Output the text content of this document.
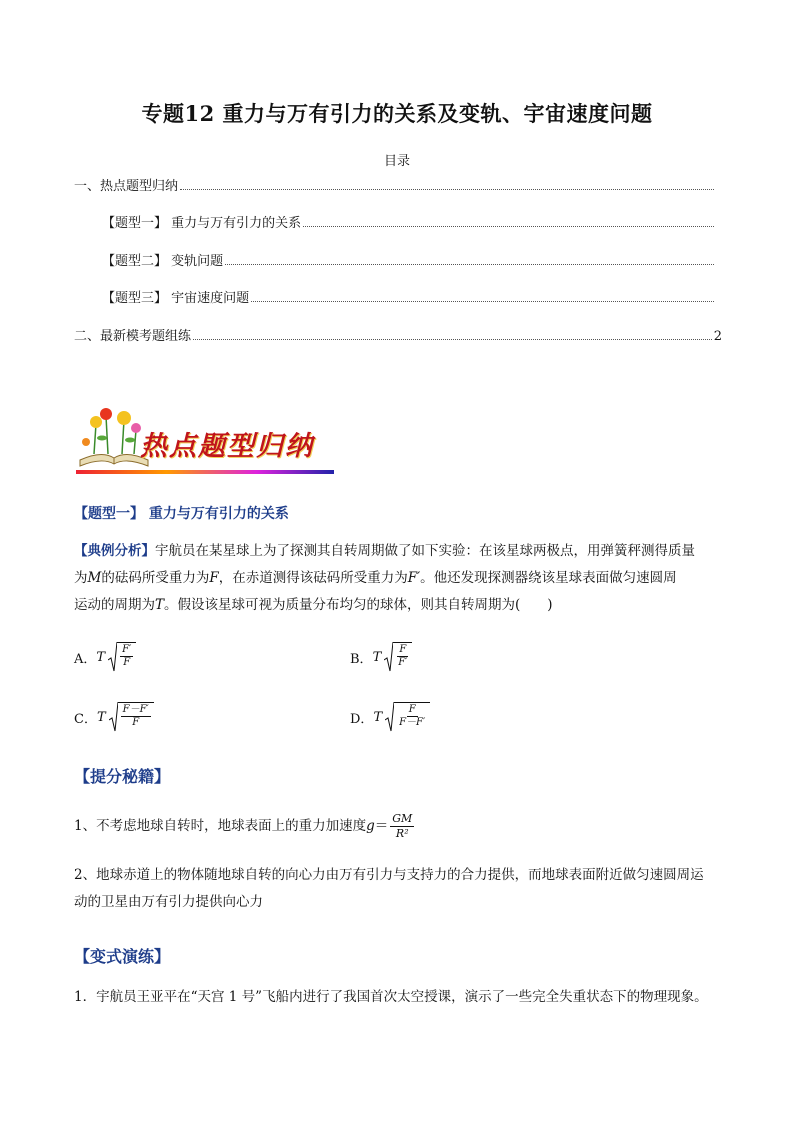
专题12 重力与万有引力的关系及变轨、宇宙速度问题
目录
一、热点题型归纳
【题型一】 重力与万有引力的关系
【题型二】 变轨问题
【题型三】 宇宙速度问题
二、最新模考题组练	2
热点题型归纳
【题型一】 重力与万有引力的关系
【典例分析】宇航员在某星球上为了探测其自转周期做了如下实验：在该星球两极点，用弹簧秤测得质量
为M的砝码所受重力为F，在赤道测得该砝码所受重力为F′。他还发现探测器绕该星球表面做匀速圆周
运动的周期为T。假设该星球可视为质量分布均匀的球体，则其自转周期为(　　)
A． T $\frac{F'}{F}$	B． T $\frac{F}{F'}$
C． T $\frac{F-F'}{F}$	D． T $\frac{F}{F-F'}$
【提分秘籍】
1、不考虑地球自转时，地球表面上的重力加速度 $g = \frac{GM}{\text{R²}}$
2、地球赤道上的物体随地球自转的向心力由万有引力与支持力的合力提供，而地球表面附近做匀速圆周运
动的卫星由万有引力提供向心力
【变式演练】
1．宇航员王亚平在“天宫 1 号”飞船内进行了我国首次太空授课，演示了一些完全失重状态下的物理现象。
